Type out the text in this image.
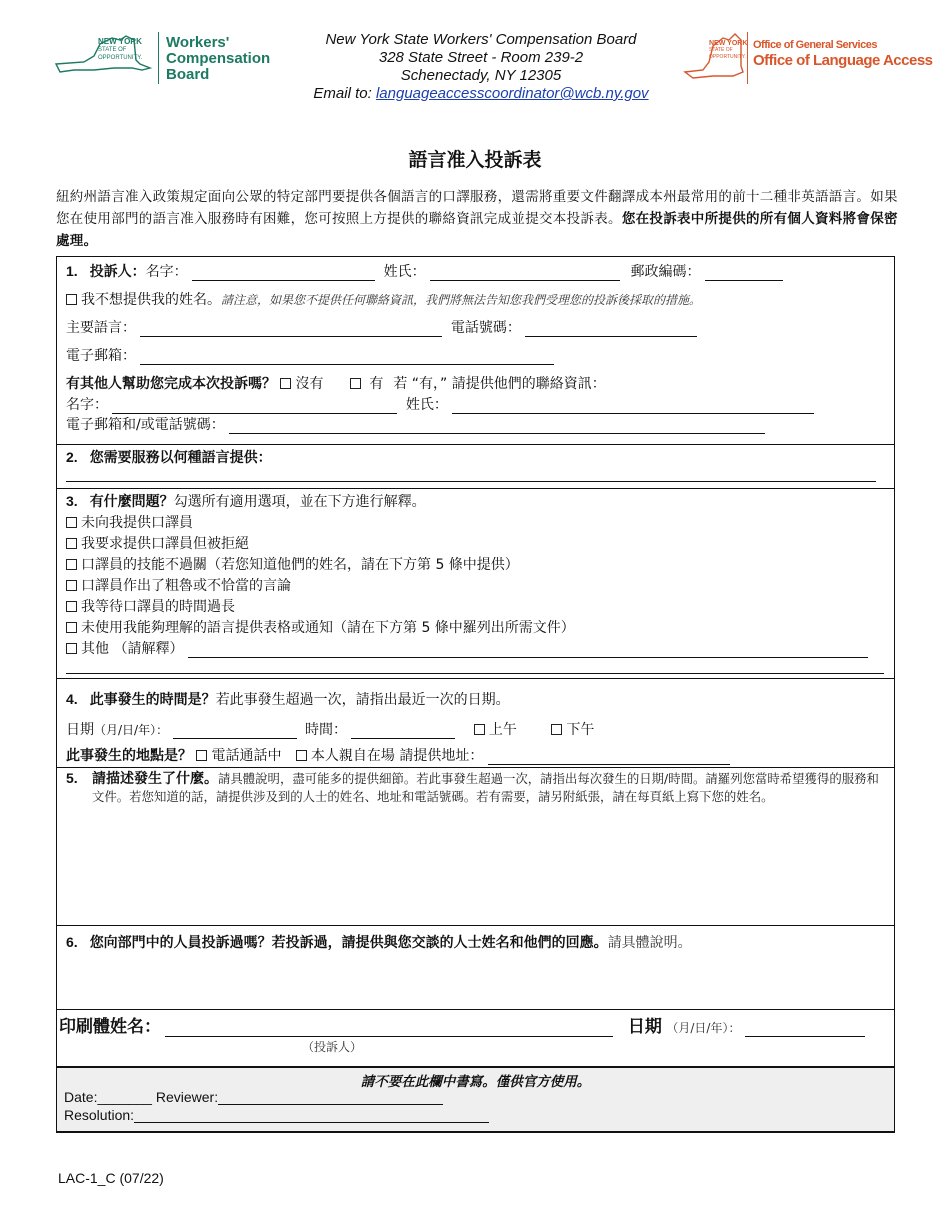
NEW YORK
STATE OF
OPPORTUNITY.
Workers'
Compensation
Board
New York State Workers' Compensation Board
328 State Street - Room 239-2
Schenectady, NY 12305
Email to: languageaccesscoordinator@wcb.ny.gov
NEW YORK
STATE OF
OPPORTUNITY.
Office of General Services
Office of Language Access
語言准入投訴表
紐約州語言准入政策規定面向公眾的特定部門要提供各個語言的口譯服務，還需將重要文件翻譯成本州最常用的前十二種非英語語言。如果您在使用部門的語言准入服務時有困難，您可按照上方提供的聯絡資訊完成並提交本投訴表。您在投訴表中所提供的所有個人資料將會保密處理。
1. 投訴人：名字：	姓氏：	郵政編碼：
我不想提供我的姓名。請注意，如果您不提供任何聯絡資訊，我們將無法告知您我們受理您的投訴後採取的措施。
主要語言：	電話號碼：
電子郵箱：
有其他人幫助您完成本次投訴嗎？ 沒有	有 若 “有，” 請提供他們的聯絡資訊：
名字：	姓氏：
電子郵箱和/或電話號碼：
2. 您需要服務以何種語言提供：
3. 有什麼問題？勾選所有適用選項，並在下方進行解釋。
未向我提供口譯員
我要求提供口譯員但被拒絕
口譯員的技能不過關（若您知道他們的姓名，請在下方第 5 條中提供）
口譯員作出了粗魯或不恰當的言論
我等待口譯員的時間過長
未使用我能夠理解的語言提供表格或通知（請在下方第 5 條中羅列出所需文件）
其他 （請解釋）
4. 此事發生的時間是？若此事發生超過一次，請指出最近一次的日期。
日期（月/日/年）：	時間：	上午	下午
此事發生的地點是？ 電話通話中 本人親自在場 請提供地址：
5. 請描述發生了什麼。請具體說明，盡可能多的提供細節。若此事發生超過一次，請指出每次發生的日期/時間。請羅列您當時希望獲得的服務和文件。若您知道的話，請提供涉及到的人士的姓名、地址和電話號碼。若有需要，請另附紙張，請在每頁紙上寫下您的姓名。
6. 您向部門中的人員投訴過嗎？若投訴過，請提供與您交談的人士姓名和他們的回應。請具體說明。
印刷體姓名：	日期 （月/日/年）：
（投訴人）
請不要在此欄中書寫。僅供官方使用。
Date:_______ Reviewer:
Resolution:
LAC-1_C (07/22)
